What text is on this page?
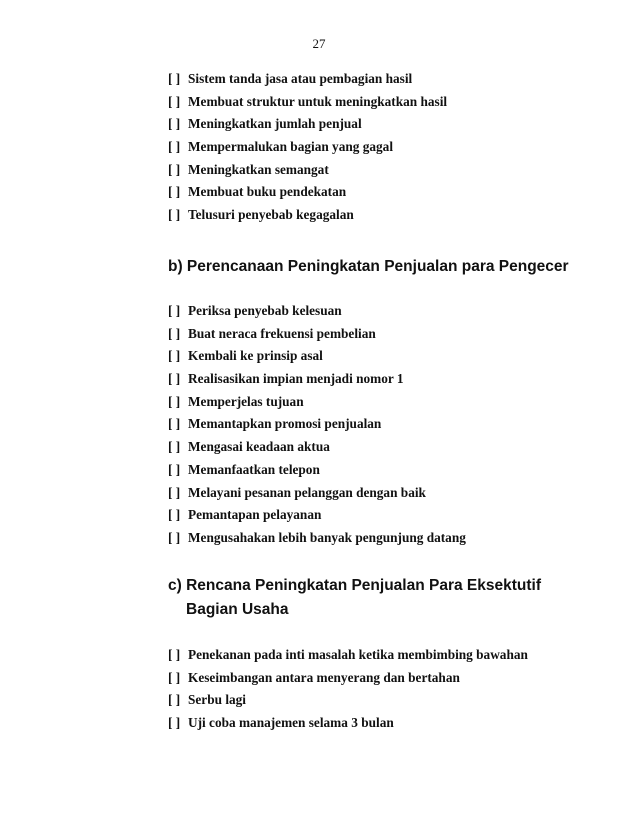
27
[ ] Sistem tanda jasa atau pembagian hasil
[ ] Membuat struktur untuk meningkatkan hasil
[ ] Meningkatkan jumlah penjual
[ ] Mempermalukan bagian yang gagal
[ ] Meningkatkan semangat
[ ] Membuat buku pendekatan
[ ] Telusuri penyebab kegagalan
b) Perencanaan Peningkatan Penjualan para Pengecer
[ ] Periksa penyebab kelesuan
[ ] Buat neraca frekuensi pembelian
[ ] Kembali ke prinsip asal
[ ] Realisasikan impian menjadi nomor 1
[ ] Memperjelas tujuan
[ ] Memantapkan promosi penjualan
[ ] Mengasai keadaan aktua
[ ] Memanfaatkan telepon
[ ] Melayani pesanan pelanggan dengan baik
[ ] Pemantapan pelayanan
[ ] Mengusahakan lebih banyak pengunjung datang
c) Rencana Peningkatan Penjualan Para Eksektutif
Bagian Usaha
[ ] Penekanan pada inti masalah ketika membimbing bawahan
[ ] Keseimbangan antara menyerang dan bertahan
[ ] Serbu lagi
[ ] Uji coba manajemen selama 3 bulan
